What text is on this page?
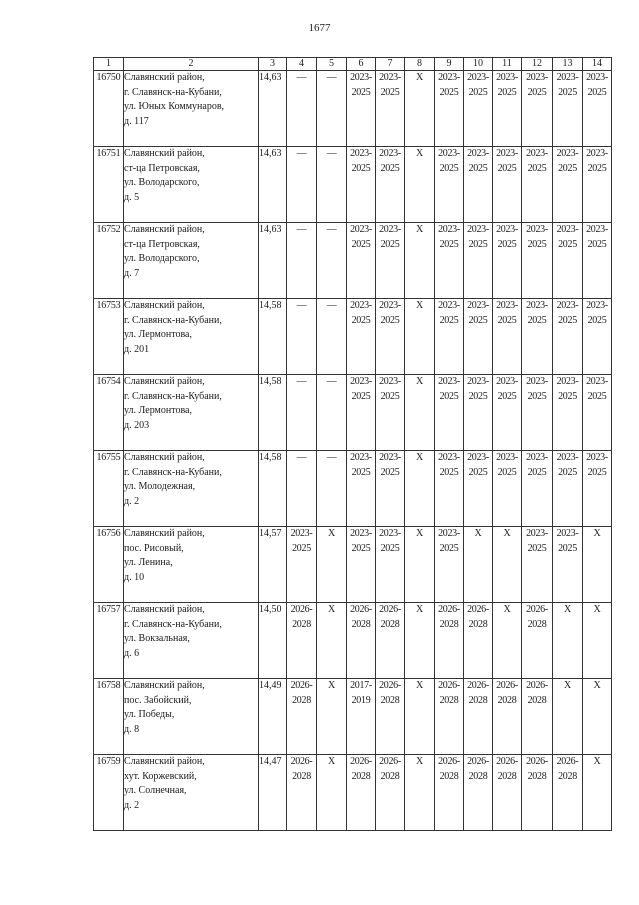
1677
1	2	3	4	5	6	7	8	9	10	11	12	13	14
16750	Славянский район,
г. Славянск-на-Кубани,
ул. Юных Коммунаров,
д. 117	14,63	—	—	2023-
2025	2023-
2025	X	2023-
2025	2023-
2025	2023-
2025	2023-
2025	2023-
2025	2023-
2025

16751	Славянский район,
ст-ца Петровская,
ул. Володарского,
д. 5	14,63	—	—	2023-
2025	2023-
2025	X	2023-
2025	2023-
2025	2023-
2025	2023-
2025	2023-
2025	2023-
2025

16752	Славянский район,
ст-ца Петровская,
ул. Володарского,
д. 7	14,63	—	—	2023-
2025	2023-
2025	X	2023-
2025	2023-
2025	2023-
2025	2023-
2025	2023-
2025	2023-
2025

16753	Славянский район,
г. Славянск-на-Кубани,
ул. Лермонтова,
д. 201	14,58	—	—	2023-
2025	2023-
2025	X	2023-
2025	2023-
2025	2023-
2025	2023-
2025	2023-
2025	2023-
2025

16754	Славянский район,
г. Славянск-на-Кубани,
ул. Лермонтова,
д. 203	14,58	—	—	2023-
2025	2023-
2025	X	2023-
2025	2023-
2025	2023-
2025	2023-
2025	2023-
2025	2023-
2025

16755	Славянский район,
г. Славянск-на-Кубани,
ул. Молодежная,
д. 2	14,58	—	—	2023-
2025	2023-
2025	X	2023-
2025	2023-
2025	2023-
2025	2023-
2025	2023-
2025	2023-
2025

16756	Славянский район,
пос. Рисовый,
ул. Ленина,
д. 10	14,57	2023-
2025	X	2023-
2025	2023-
2025	X	2023-
2025	X	X	2023-
2025	2023-
2025	X

16757	Славянский район,
г. Славянск-на-Кубани,
ул. Вокзальная,
д. 6	14,50	2026-
2028	X	2026-
2028	2026-
2028	X	2026-
2028	2026-
2028	X	2026-
2028	X	X

16758	Славянский район,
пос. Забойский,
ул. Победы,
д. 8	14,49	2026-
2028	X	2017-
2019	2026-
2028	X	2026-
2028	2026-
2028	2026-
2028	2026-
2028	X	X

16759	Славянский район,
хут. Коржевский,
ул. Солнечная,
д. 2	14,47	2026-
2028	X	2026-
2028	2026-
2028	X	2026-
2028	2026-
2028	2026-
2028	2026-
2028	2026-
2028	X
